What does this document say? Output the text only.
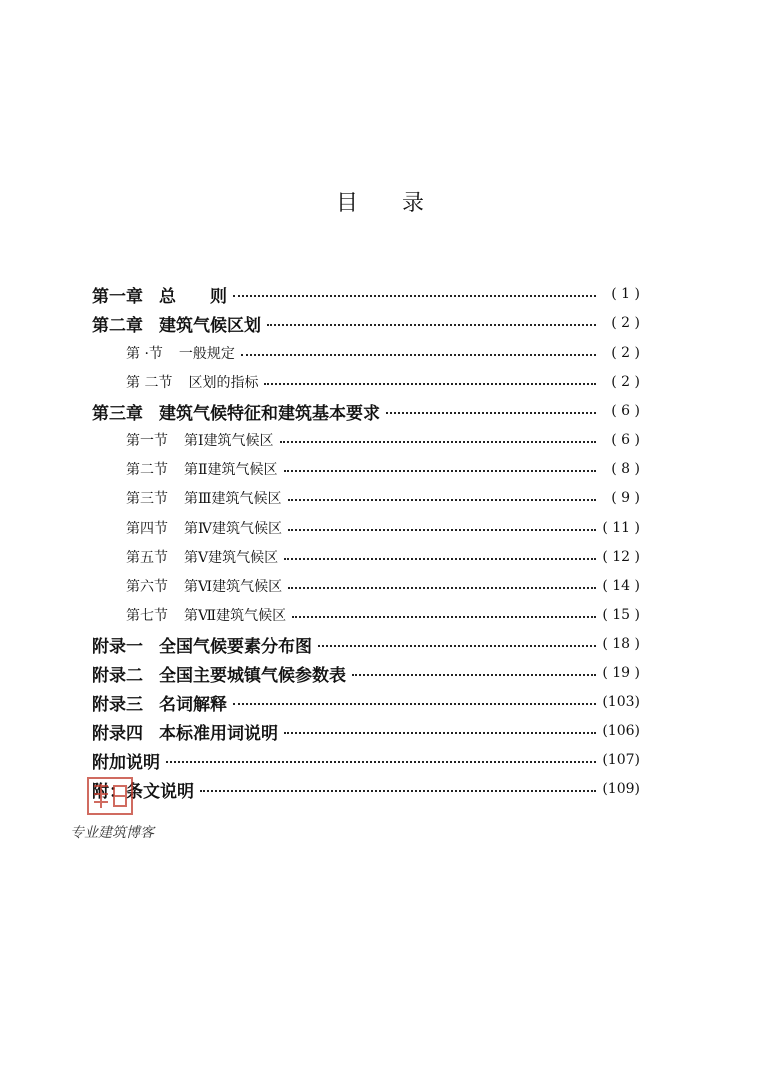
目 录
第一章 总　　则	( 1 )
第二章 建筑气候区划	( 2 )
第 ·节 一般规定	( 2 )
第 二节 区划的指标	( 2 )
第三章 建筑气候特征和建筑基本要求	( 6 )
第一节 第Ⅰ建筑气候区	( 6 )
第二节 第Ⅱ建筑气候区	( 8 )
第三节 第Ⅲ建筑气候区	( 9 )
第四节 第Ⅳ建筑气候区	( 11 )
第五节 第Ⅴ建筑气候区	( 12 )
第六节 第Ⅵ建筑气候区	( 14 )
第七节 第Ⅶ建筑气候区	( 15 )
附录一 全国气候要素分布图	( 18 )
附录二 全国主要城镇气候参数表	( 19 )
附录三 名词解释	(103)
附录四 本标准用词说明	(106)
附加说明	(107)
附：条文说明	(109)
专业建筑博客
